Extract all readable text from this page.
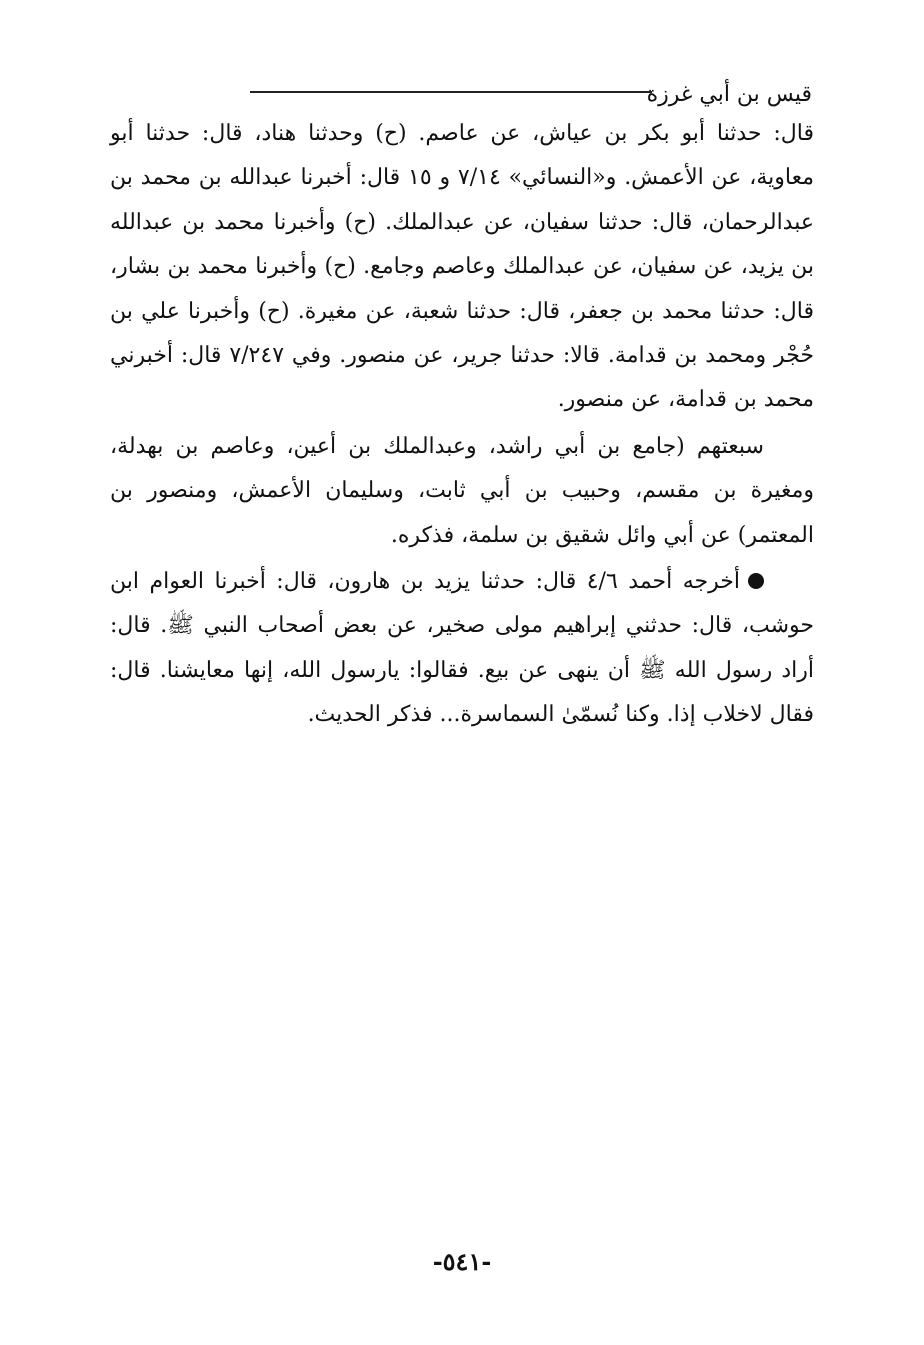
قيس بن أبي غرزة

قال: حدثنا أبو بكر بن عياش، عن عاصم. (ح) وحدثنا هناد، قال: حدثنا أبو معاوية، عن الأعمش. و«النسائي» ٧/١٤ و ١٥ قال: أخبرنا عبدالله بن محمد بن عبدالرحمان، قال: حدثنا سفيان، عن عبدالملك. (ح) وأخبرنا محمد بن عبدالله بن يزيد، عن سفيان، عن عبدالملك وعاصم وجامع. (ح) وأخبرنا محمد بن بشار، قال: حدثنا محمد بن جعفر، قال: حدثنا شعبة، عن مغيرة. (ح) وأخبرنا علي بن حُجْر ومحمد بن قدامة. قالا: حدثنا جرير، عن منصور. وفي ٧/٢٤٧ قال: أخبرني محمد بن قدامة، عن منصور.

سبعتهم (جامع بن أبي راشد، وعبدالملك بن أعين، وعاصم بن بهدلة، ومغيرة بن مقسم، وحبيب بن أبي ثابت، وسليمان الأعمش، ومنصور بن المعتمر) عن أبي وائل شقيق بن سلمة، فذكره.

أخرجه أحمد ٤/٦ قال: حدثنا يزيد بن هارون، قال: أخبرنا العوام ابن حوشب، قال: حدثني إبراهيم مولى صخير، عن بعض أصحاب النبي ﷺ. قال: أراد رسول الله ﷺ أن ينهى عن بيع. فقالوا: يارسول الله، إنها معايشنا. قال: فقال لاخلاب إذا. وكنا نُسمّىٰ السماسرة... فذكر الحديث.

-٥٤١-
